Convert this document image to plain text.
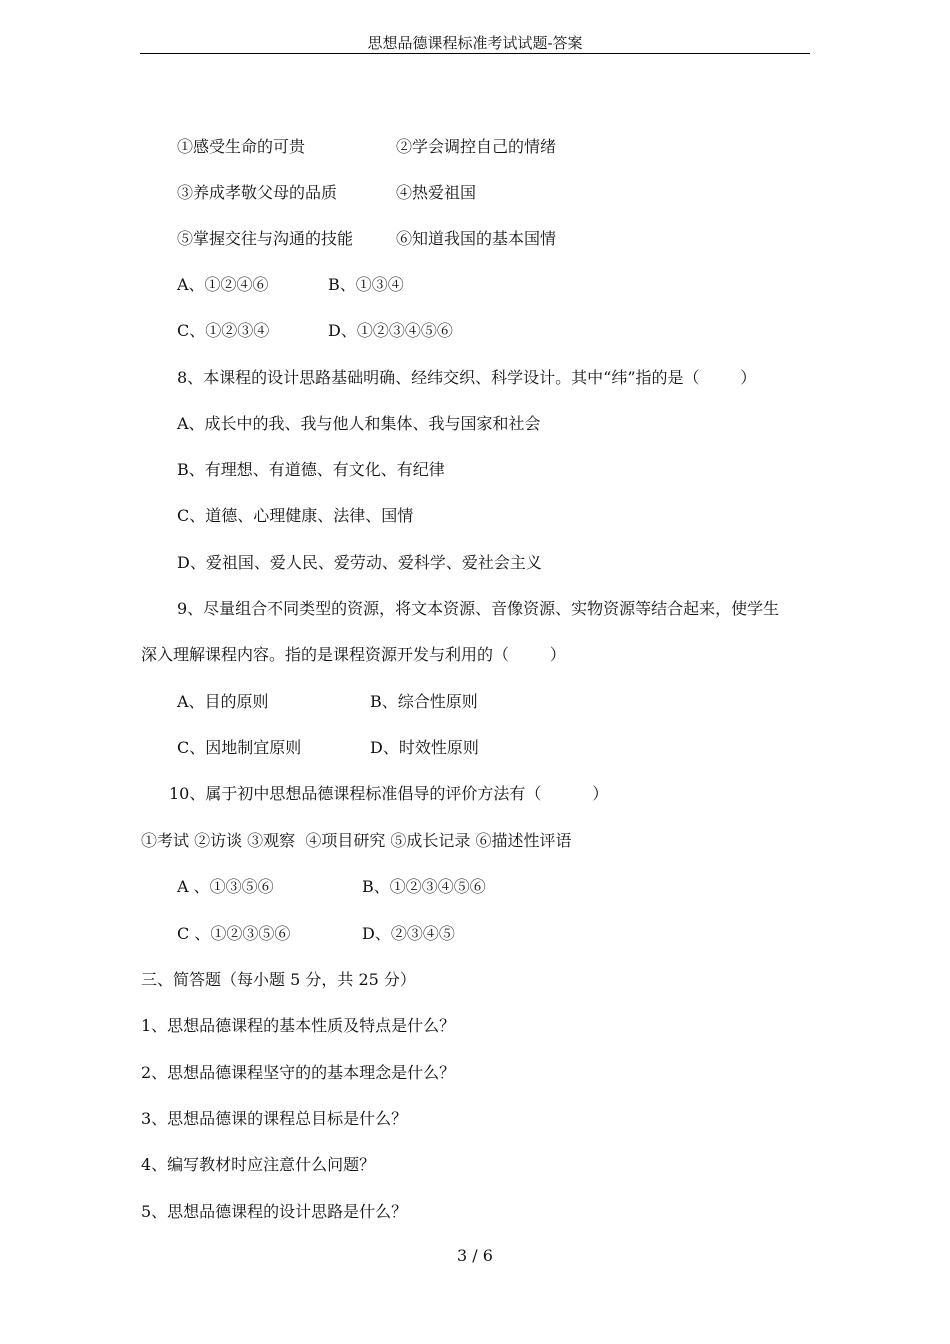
思想品德课程标准考试试题-答案
①感受生命的可贵	②学会调控自己的情绪
③养成孝敬父母的品质	④热爱祖国
⑤掌握交往与沟通的技能	⑥知道我国的基本国情
A、①②④⑥	B、①③④
C、①②③④	D、①②③④⑤⑥
8、本课程的设计思路基础明确、经纬交织、科学设计。其中“纬”指的是（        ）
A、成长中的我、我与他人和集体、我与国家和社会
B、有理想、有道德、有文化、有纪律
C、道德、心理健康、法律、国情
D、爱祖国、爱人民、爱劳动、爱科学、爱社会主义
9、尽量组合不同类型的资源，将文本资源、音像资源、实物资源等结合起来，使学生
深入理解课程内容。指的是课程资源开发与利用的（        ）
A、目的原则	B、综合性原则
C、因地制宜原则	D、时效性原则
10、属于初中思想品德课程标准倡导的评价方法有（          ）
①考试 ②访谈 ③观察  ④项目研究 ⑤成长记录 ⑥描述性评语
A 、①③⑤⑥	B、①②③④⑤⑥
C 、①②③⑤⑥	D、②③④⑤
三、简答题（每小题 5 分，共 25 分）
1、思想品德课程的基本性质及特点是什么？
2、思想品德课程坚守的的基本理念是什么？
3、思想品德课的课程总目标是什么？
4、编写教材时应注意什么问题？
5、思想品德课程的设计思路是什么？
3 / 6
